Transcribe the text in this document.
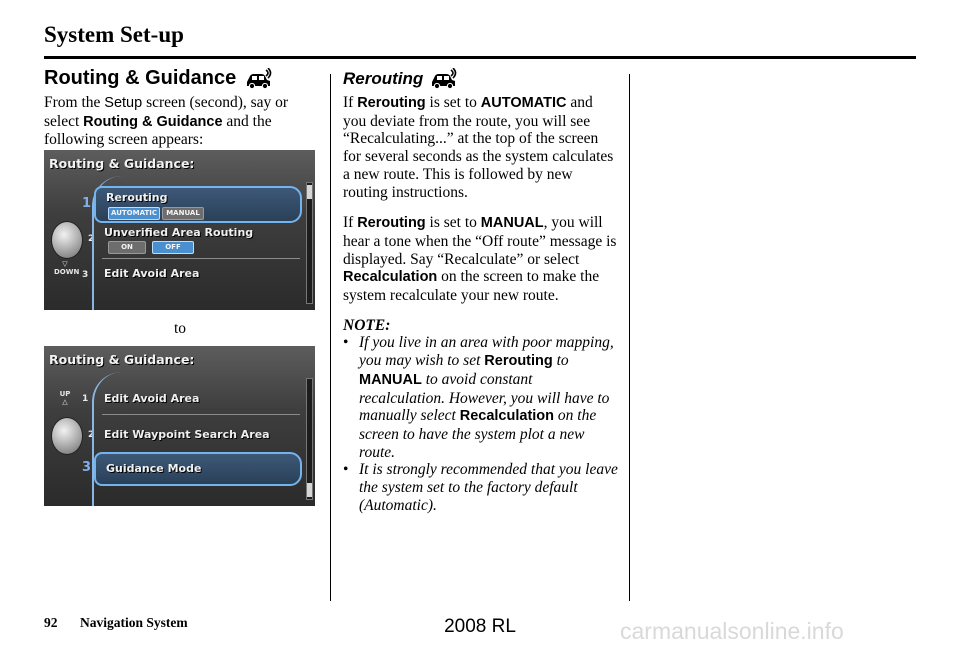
System Set-up
Routing & Guidance

From the Setup screen (second), say or select Routing & Guidance and the following screen appears:

Routing & Guidance:
1
2
▽
DOWN 3
Rerouting
AUTOMATIC	MANUAL
Unverified Area Routing
ON	OFF
Edit Avoid Area
to
Routing & Guidance:
UP
△	1
2
3
Edit Avoid Area
Edit Waypoint Search Area
Guidance Mode
Rerouting

If Rerouting is set to AUTOMATIC and you deviate from the route, you will see “Recalculating...” at the top of the screen for several seconds as the system calculates a new route. This is followed by new routing instructions.

If Rerouting is set to MANUAL, you will hear a tone when the “Off route” message is displayed. Say “Recalculate” or select Recalculation on the screen to make the system recalculate your new route.

NOTE:

• If you live in an area with poor mapping, you may wish to set Rerouting to MANUAL to avoid constant recalculation. However, you will have to manually select Recalculation on the screen to have the system plot a new route.
• It is strongly recommended that you leave the system set to the factory default (Automatic).
92 Navigation System	2008 RL	carmanualsonline.info
